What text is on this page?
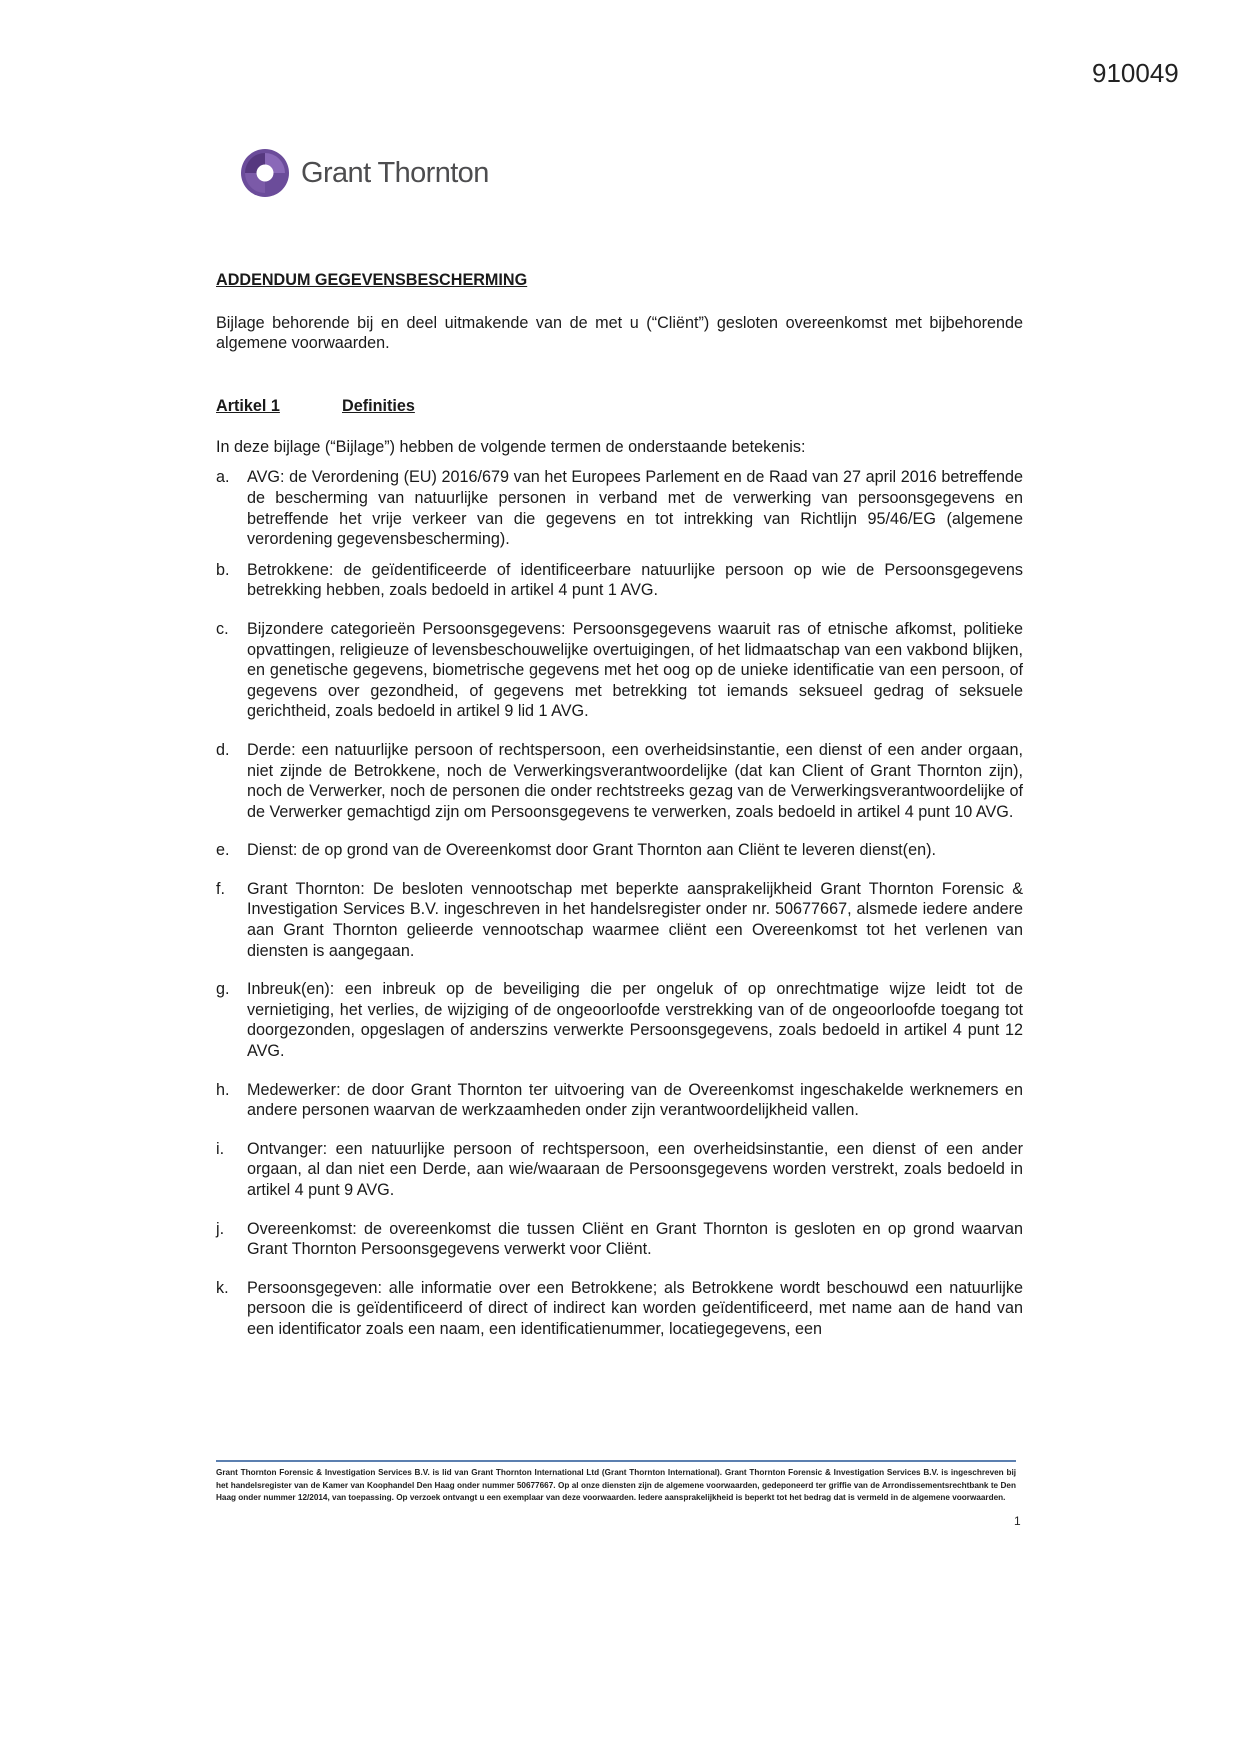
910049
Grant Thornton
ADDENDUM GEGEVENSBESCHERMING

Bijlage behorende bij en deel uitmakende van de met u (“Cliënt”) gesloten overeenkomst met bijbehorende algemene voorwaarden.

Artikel 1	Definities

In deze bijlage (“Bijlage”) hebben de volgende termen de onderstaande betekenis:

a.	AVG: de Verordening (EU) 2016/679 van het Europees Parlement en de Raad van 27 april 2016 betreffende de bescherming van natuurlijke personen in verband met de verwerking van persoonsgegevens en betreffende het vrije verkeer van die gegevens en tot intrekking van Richtlijn 95/46/EG (algemene verordening gegevensbescherming).
b.	Betrokkene: de geïdentificeerde of identificeerbare natuurlijke persoon op wie de Persoonsgegevens betrekking hebben, zoals bedoeld in artikel 4 punt 1 AVG.
c.	Bijzondere categorieën Persoonsgegevens: Persoonsgegevens waaruit ras of etnische afkomst, politieke opvattingen, religieuze of levensbeschouwelijke overtuigingen, of het lidmaatschap van een vakbond blijken, en genetische gegevens, biometrische gegevens met het oog op de unieke identificatie van een persoon, of gegevens over gezondheid, of gegevens met betrekking tot iemands seksueel gedrag of seksuele gerichtheid, zoals bedoeld in artikel 9 lid 1 AVG.
d.	Derde: een natuurlijke persoon of rechtspersoon, een overheidsinstantie, een dienst of een ander orgaan, niet zijnde de Betrokkene, noch de Verwerkingsverantwoordelijke (dat kan Client of Grant Thornton zijn), noch de Verwerker, noch de personen die onder rechtstreeks gezag van de Verwerkingsverantwoordelijke of de Verwerker gemachtigd zijn om Persoonsgegevens te verwerken, zoals bedoeld in artikel 4 punt 10 AVG.
e.	Dienst: de op grond van de Overeenkomst door Grant Thornton aan Cliënt te leveren dienst(en).
f.	Grant Thornton: De besloten vennootschap met beperkte aansprakelijkheid Grant Thornton Forensic & Investigation Services B.V. ingeschreven in het handelsregister onder nr. 50677667, alsmede iedere andere aan Grant Thornton gelieerde vennootschap waarmee cliënt een Overeenkomst tot het verlenen van diensten is aangegaan.
g.	Inbreuk(en): een inbreuk op de beveiliging die per ongeluk of op onrechtmatige wijze leidt tot de vernietiging, het verlies, de wijziging of de ongeoorloofde verstrekking van of de ongeoorloofde toegang tot doorgezonden, opgeslagen of anderszins verwerkte Persoonsgegevens, zoals bedoeld in artikel 4 punt 12 AVG.
h.	Medewerker: de door Grant Thornton ter uitvoering van de Overeenkomst ingeschakelde werknemers en andere personen waarvan de werkzaamheden onder zijn verantwoordelijkheid vallen.
i.	Ontvanger: een natuurlijke persoon of rechtspersoon, een overheidsinstantie, een dienst of een ander orgaan, al dan niet een Derde, aan wie/waaraan de Persoonsgegevens worden verstrekt, zoals bedoeld in artikel 4 punt 9 AVG.
j.	Overeenkomst: de overeenkomst die tussen Cliënt en Grant Thornton is gesloten en op grond waarvan Grant Thornton Persoonsgegevens verwerkt voor Cliënt.
k.	Persoonsgegeven: alle informatie over een Betrokkene; als Betrokkene wordt beschouwd een natuurlijke persoon die is geïdentificeerd of direct of indirect kan worden geïdentificeerd, met name aan de hand van een identificator zoals een naam, een identificatienummer, locatiegegevens, een
Grant Thornton Forensic & Investigation Services B.V. is lid van Grant Thornton International Ltd (Grant Thornton International). Grant Thornton Forensic & Investigation Services B.V. is ingeschreven bij het handelsregister van de Kamer van Koophandel Den Haag onder nummer 50677667. Op al onze diensten zijn de algemene voorwaarden, gedeponeerd ter griffie van de Arrondissementsrechtbank te Den Haag onder nummer 12/2014, van toepassing. Op verzoek ontvangt u een exemplaar van deze voorwaarden. Iedere aansprakelijkheid is beperkt tot het bedrag dat is vermeld in de algemene voorwaarden.
1
